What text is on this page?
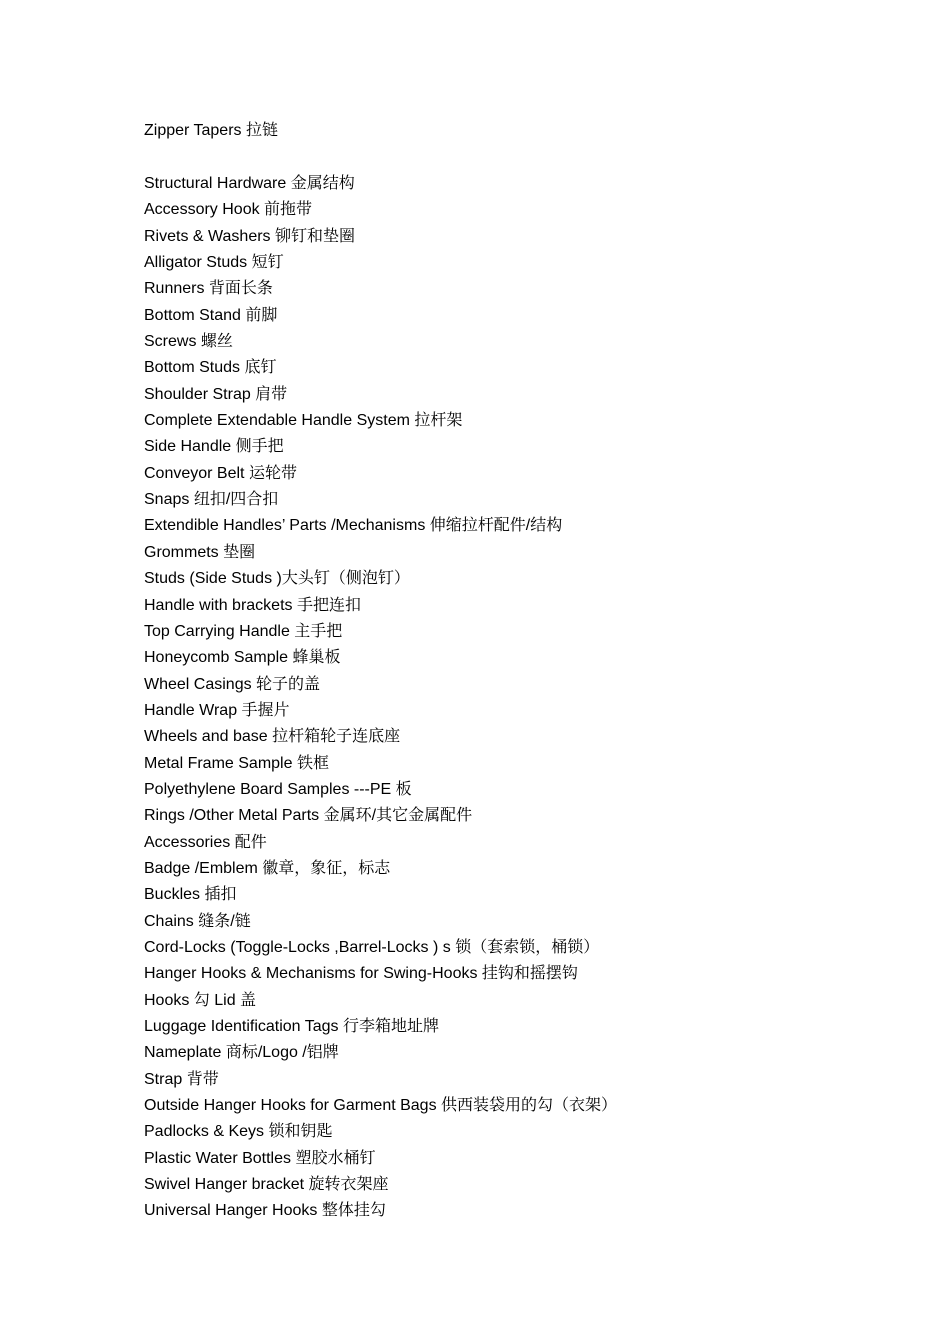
Zipper Tapers 拉链
Structural Hardware 金属结构
Accessory Hook 前拖带
Rivets & Washers 铆钉和垫圈
Alligator Studs 短钉
Runners 背面长条
Bottom Stand 前脚
Screws 螺丝
Bottom Studs 底钉
Shoulder Strap 肩带
Complete Extendable Handle System 拉杆架
Side Handle 侧手把
Conveyor Belt 运轮带
Snaps 纽扣/四合扣
Extendible Handles’ Parts /Mechanisms 伸缩拉杆配件/结构
Grommets 垫圈
Studs (Side Studs )大头钉（侧泡钉）
Handle with brackets 手把连扣
Top Carrying Handle 主手把
Honeycomb Sample 蜂巢板
Wheel Casings 轮子的盖
Handle Wrap 手握片
Wheels and base 拉杆箱轮子连底座
Metal Frame Sample 铁框
Polyethylene Board Samples ---PE 板
Rings /Other Metal Parts 金属环/其它金属配件
Accessories 配件
Badge /Emblem 徽章，象征，标志
Buckles 插扣
Chains 缝条/链
Cord-Locks (Toggle-Locks ,Barrel-Locks ) s 锁（套索锁，桶锁）
Hanger Hooks & Mechanisms for Swing-Hooks 挂钩和摇摆钩
Hooks 勾 Lid 盖
Luggage Identification Tags 行李箱地址牌
Nameplate 商标/Logo /铝牌
Strap 背带
Outside Hanger Hooks for Garment Bags 供西装袋用的勾（衣架）
Padlocks & Keys 锁和钥匙
Plastic Water Bottles 塑胶水桶钉
Swivel Hanger bracket 旋转衣架座
Universal Hanger Hooks 整体挂勾
